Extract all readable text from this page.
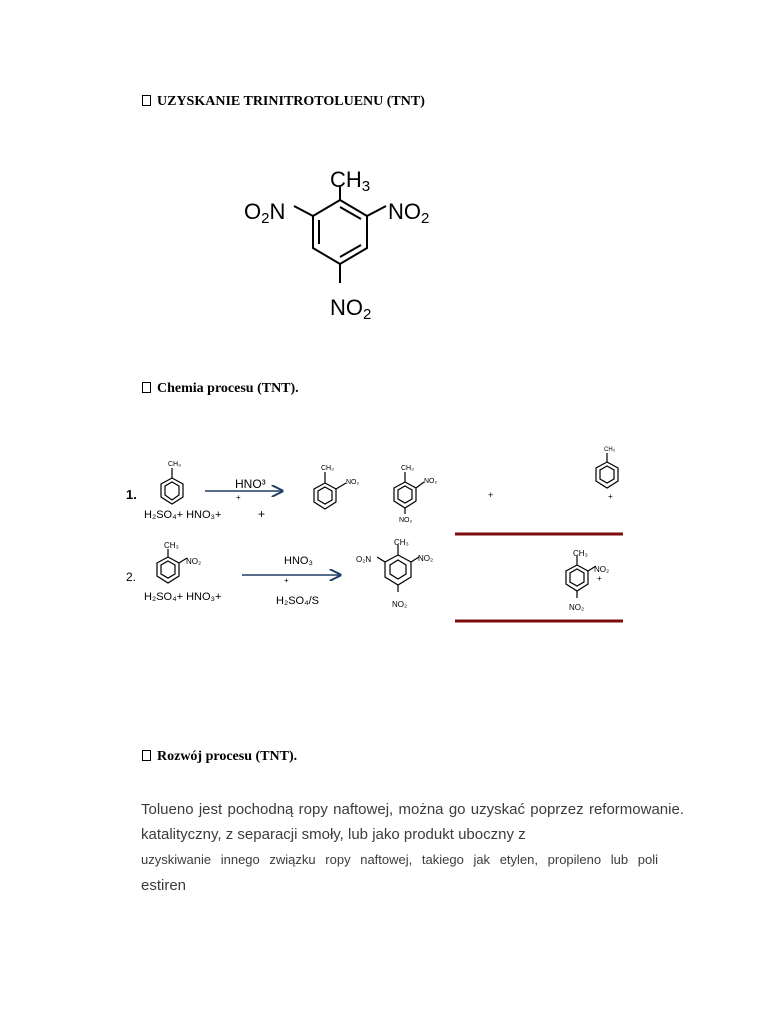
UZYSKANIE TRINITROTOLUENU (TNT)
CH3
O2N	NO2
NO2
Chemia procesu (TNT).
1.
CH₃
H₂SO₄+ HNO₃+	+
HNO³
+
CH₃
NO₂
CH₃
NO₂
NO₂
+
CH₃
+
2.
CH₃
NO₂
H₂SO₄+ HNO₃+
HNO₃
+
H₂SO₄/S
CH₃
NO₂
O₂N
NO₂
CH₃
NO₂
+
NO₂
Rozwój procesu (TNT).
Tolueno jest pochodną ropy naftowej, można go uzyskać poprzez reformowanie.
katalityczny, z separacji smoły, lub jako produkt uboczny z
uzyskiwanie innego związku ropy naftowej, takiego jak etylen, propileno lub poli
estiren
